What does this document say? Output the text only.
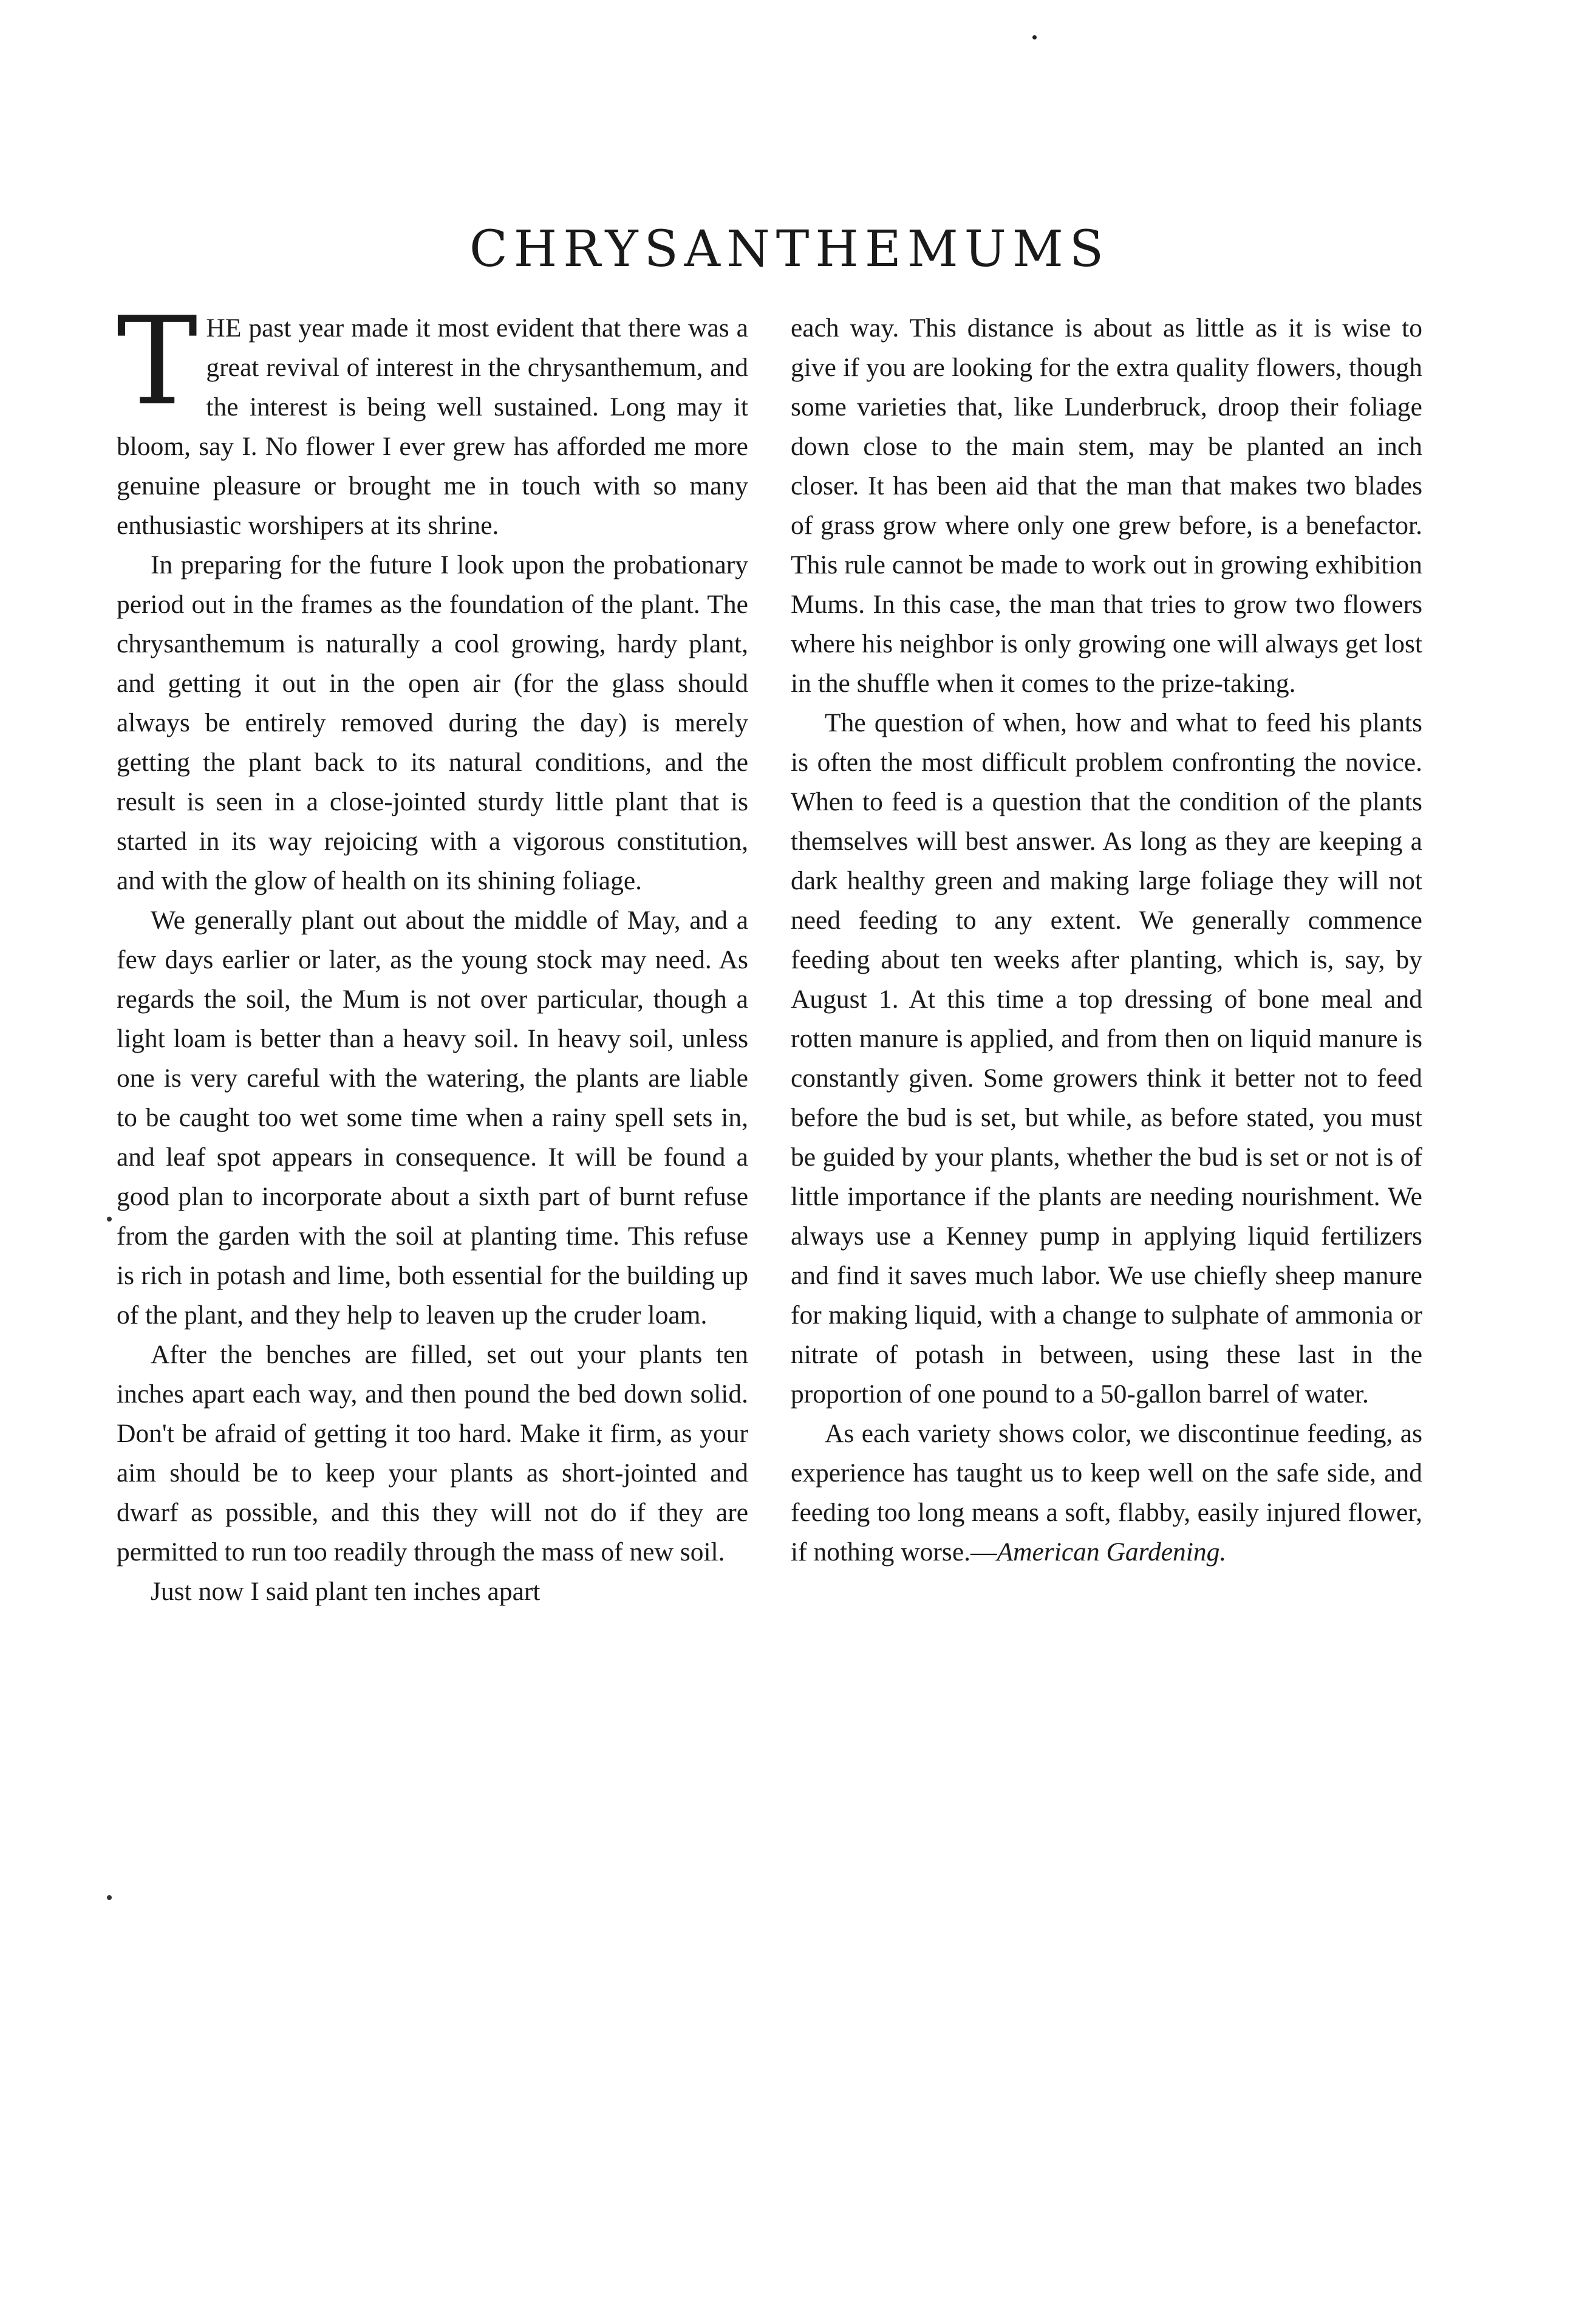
CHRYSANTHEMUMS

T HE past year made it most evident that there was a great revival of interest in the chrysanthemum, and the interest is being well sustained. Long may it bloom, say I. No flower I ever grew has afforded me more genuine pleasure or brought me in touch with so many enthusiastic worshipers at its shrine.

In preparing for the future I look upon the probationary period out in the frames as the foundation of the plant. The chrysanthemum is naturally a cool growing, hardy plant, and getting it out in the open air (for the glass should always be entirely removed during the day) is merely getting the plant back to its natural conditions, and the result is seen in a close-jointed sturdy little plant that is started in its way rejoicing with a vigorous constitution, and with the glow of health on its shining foliage.

We generally plant out about the middle of May, and a few days earlier or later, as the young stock may need. As regards the soil, the Mum is not over particular, though a light loam is better than a heavy soil. In heavy soil, unless one is very careful with the watering, the plants are liable to be caught too wet some time when a rainy spell sets in, and leaf spot appears in consequence. It will be found a good plan to incorporate about a sixth part of burnt refuse from the garden with the soil at planting time. This refuse is rich in potash and lime, both essential for the building up of the plant, and they help to leaven up the cruder loam.

After the benches are filled, set out your plants ten inches apart each way, and then pound the bed down solid. Don't be afraid of getting it too hard. Make it firm, as your aim should be to keep your plants as short-jointed and dwarf as possible, and this they will not do if they are permitted to run too readily through the mass of new soil.

Just now I said plant ten inches apart

each way. This distance is about as little as it is wise to give if you are looking for the extra quality flowers, though some varieties that, like Lunderbruck, droop their foliage down close to the main stem, may be planted an inch closer. It has been aid that the man that makes two blades of grass grow where only one grew before, is a benefactor. This rule cannot be made to work out in growing exhibition Mums. In this case, the man that tries to grow two flowers where his neighbor is only growing one will always get lost in the shuffle when it comes to the prize-taking.

The question of when, how and what to feed his plants is often the most difficult problem confronting the novice. When to feed is a question that the condition of the plants themselves will best answer. As long as they are keeping a dark healthy green and making large foliage they will not need feeding to any extent. We generally commence feeding about ten weeks after planting, which is, say, by August 1. At this time a top dressing of bone meal and rotten manure is applied, and from then on liquid manure is constantly given. Some growers think it better not to feed before the bud is set, but while, as before stated, you must be guided by your plants, whether the bud is set or not is of little importance if the plants are needing nourishment. We always use a Kenney pump in applying liquid fertilizers and find it saves much labor. We use chiefly sheep manure for making liquid, with a change to sulphate of ammonia or nitrate of potash in between, using these last in the proportion of one pound to a 50-gallon barrel of water.

As each variety shows color, we discontinue feeding, as experience has taught us to keep well on the safe side, and feeding too long means a soft, flabby, easily injured flower, if nothing worse.—American Gardening.
